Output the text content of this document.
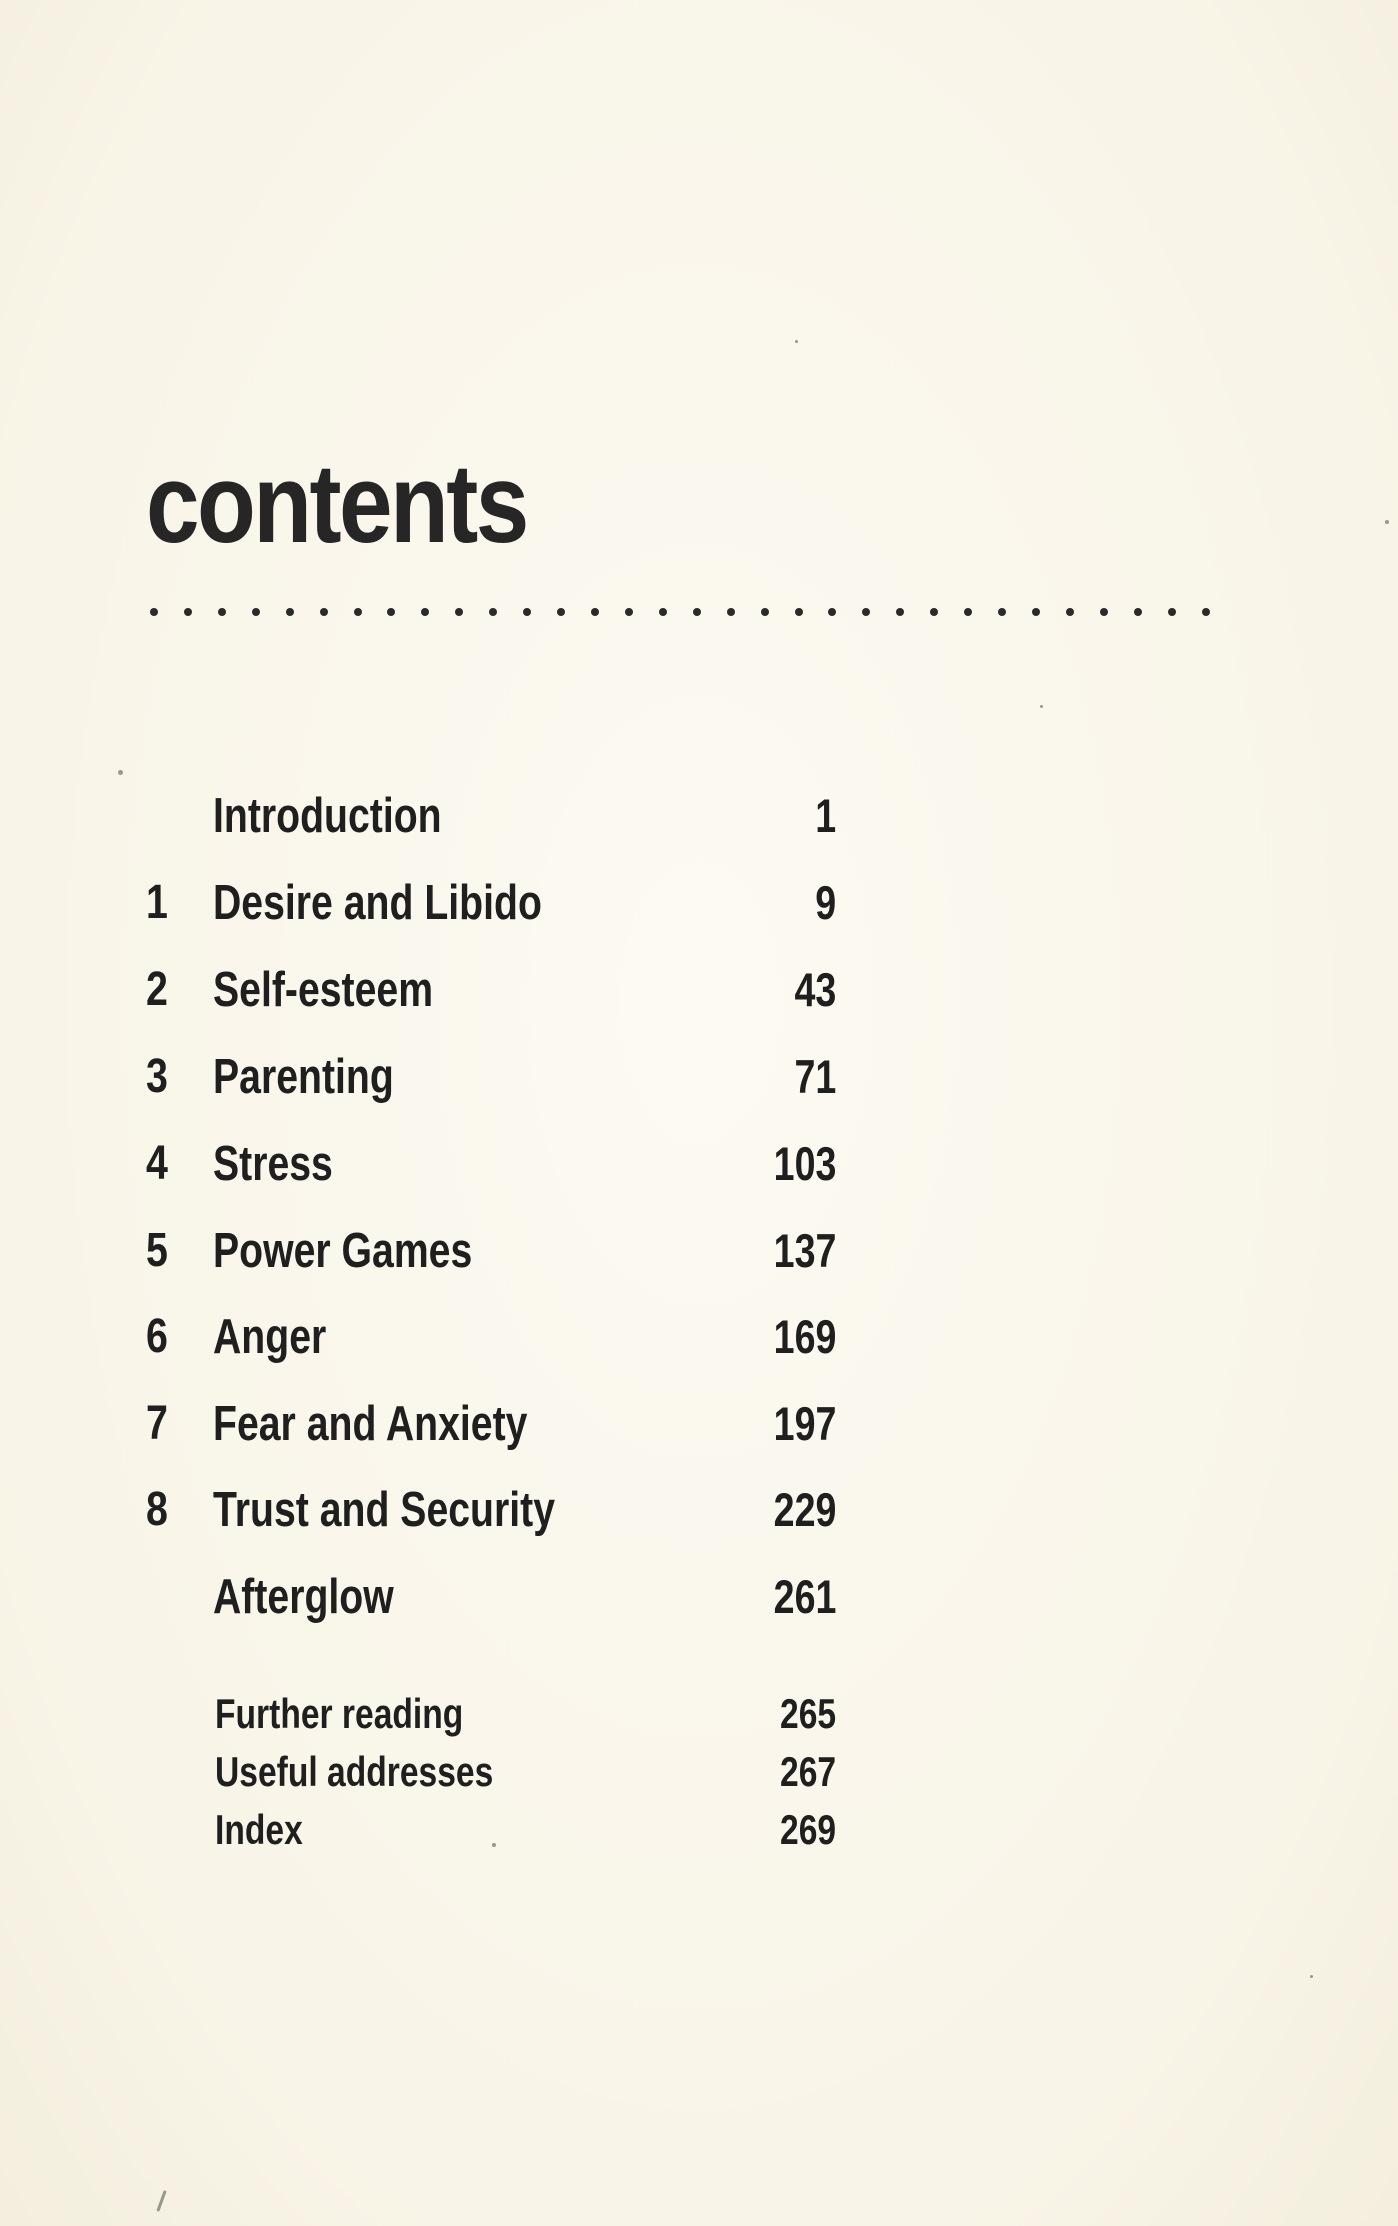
contents
Introduction	1
1 Desire and Libido	9
2 Self-esteem	43
3 Parenting	71
4 Stress	103
5 Power Games	137
6 Anger	169
7 Fear and Anxiety	197
8 Trust and Security	229
Afterglow	261
Further reading	265
Useful addresses	267
Index	269
